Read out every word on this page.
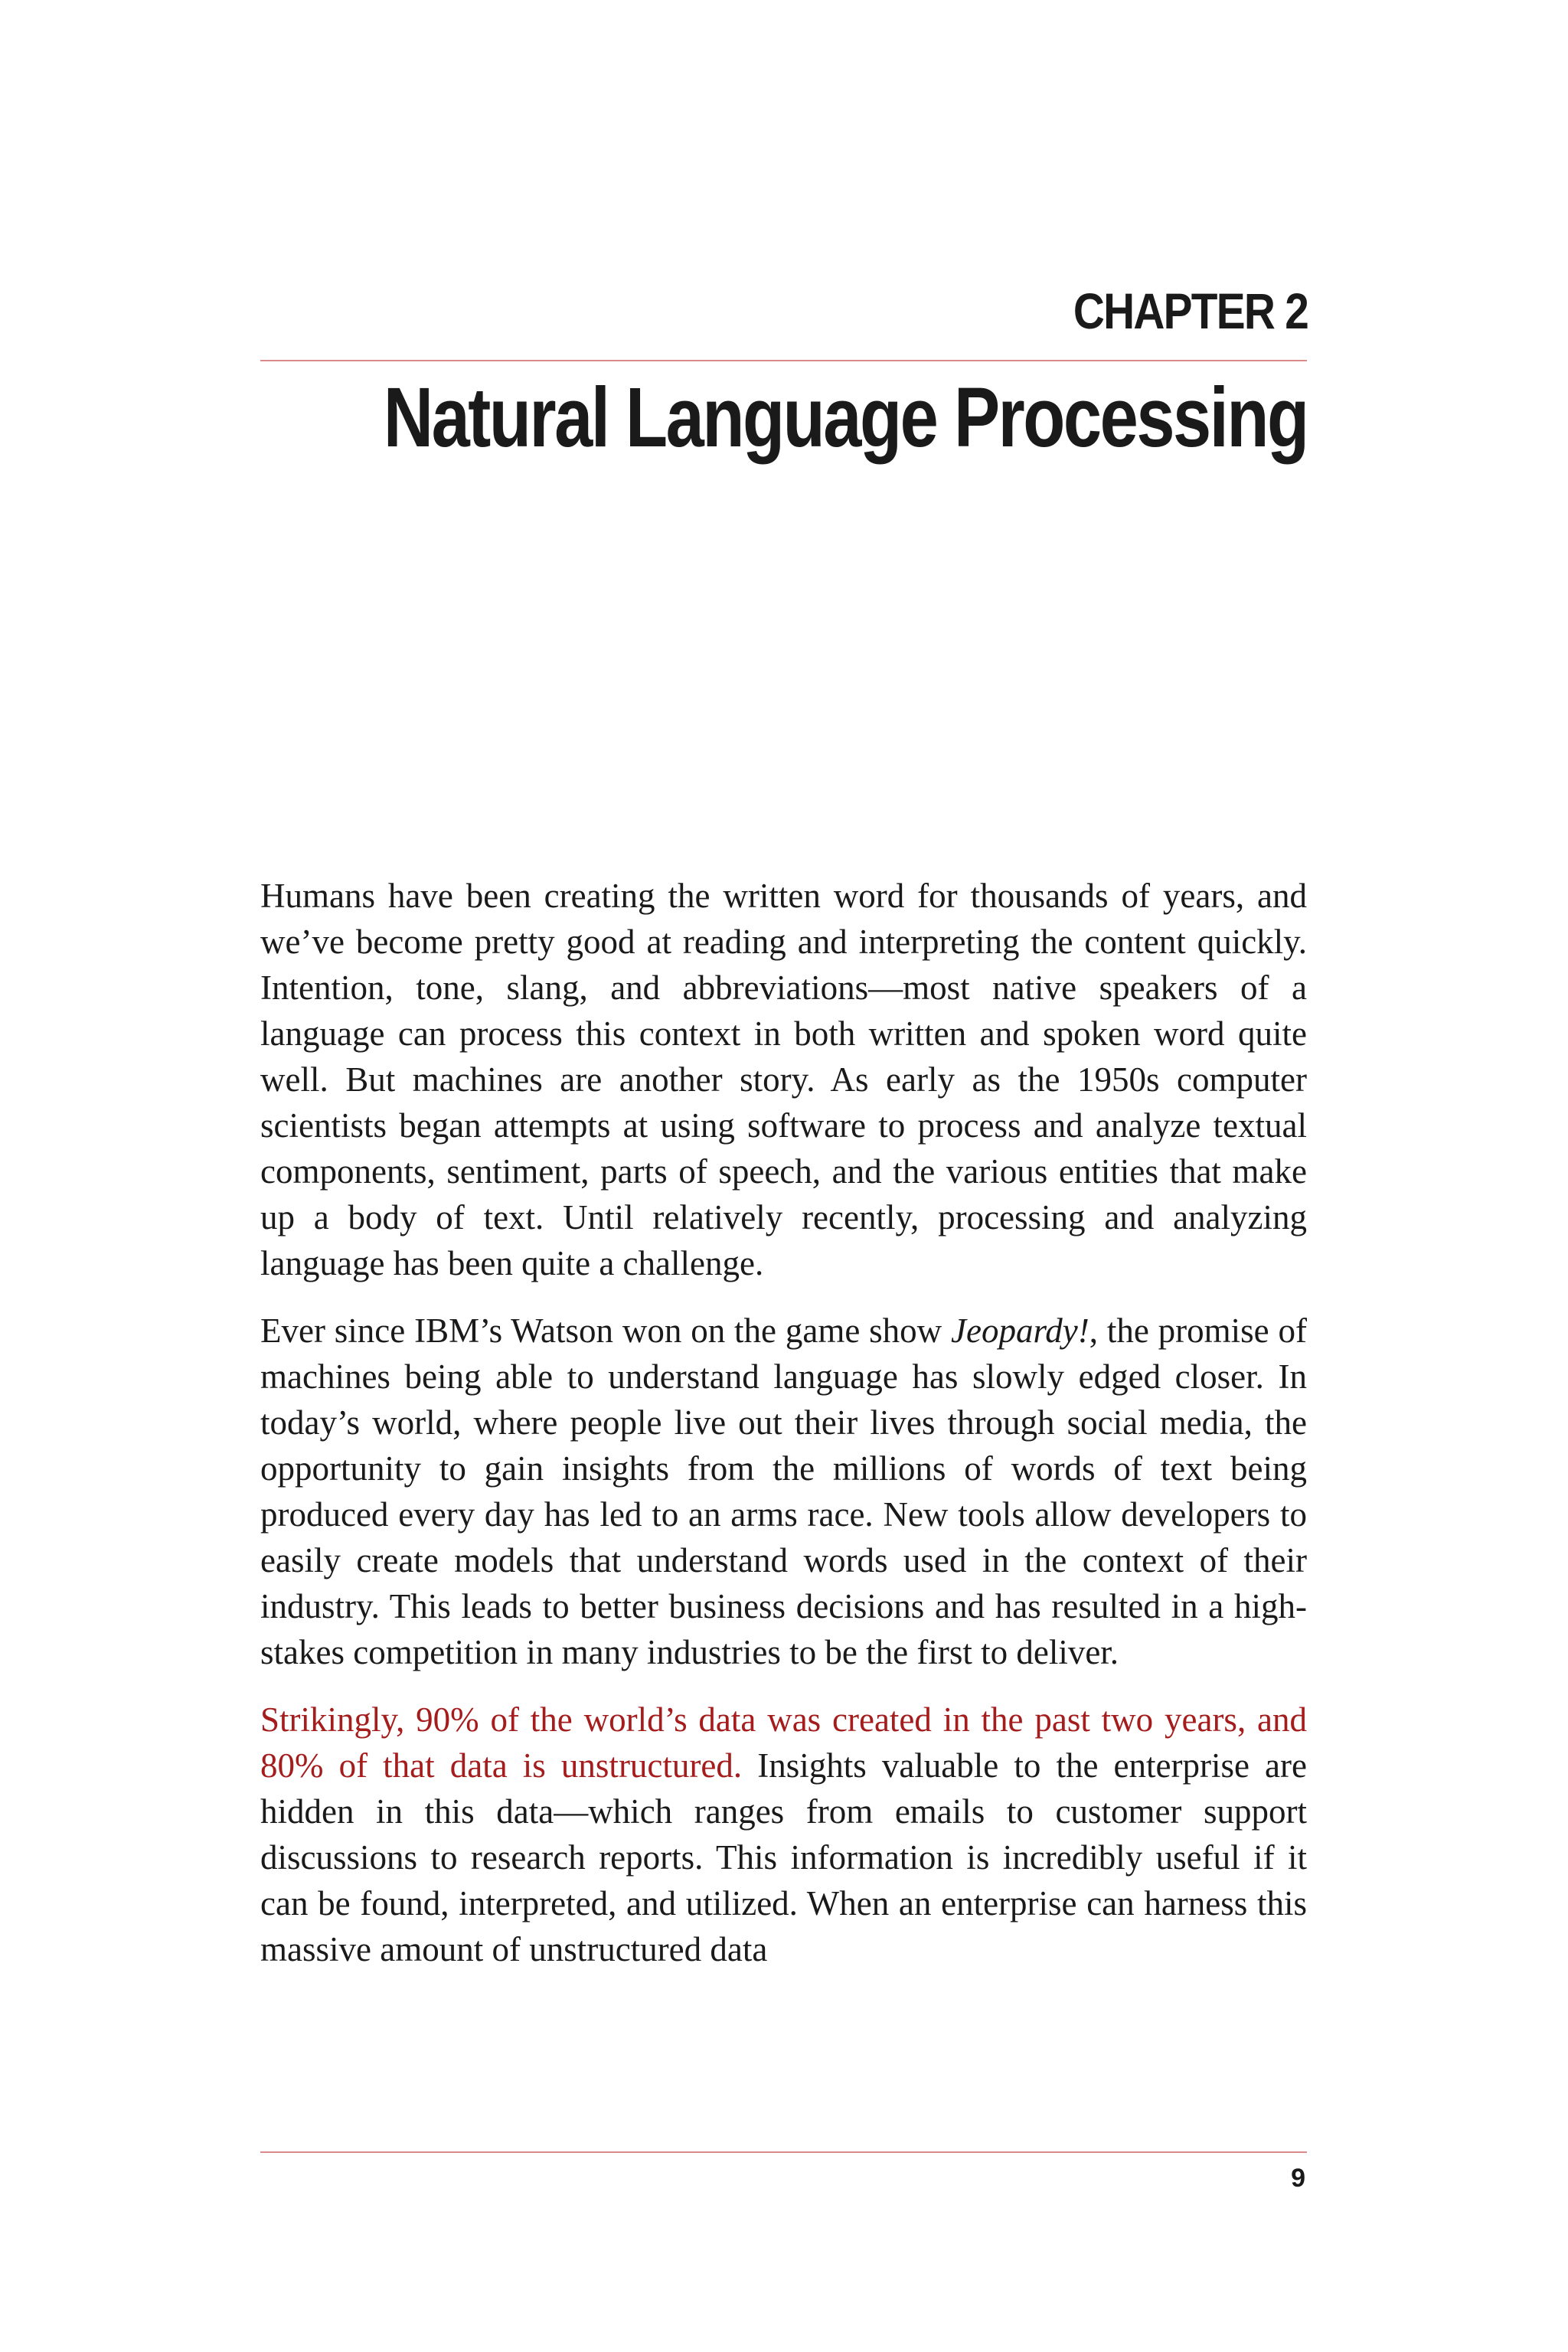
CHAPTER 2
Natural Language Processing

Humans have been creating the written word for thousands of years, and we’ve become pretty good at reading and interpreting the content quickly. Intention, tone, slang, and abbreviations—most native speakers of a language can process this context in both written and spoken word quite well. But machines are another story. As early as the 1950s computer scientists began attempts at using software to process and analyze textual components, sentiment, parts of speech, and the various entities that make up a body of text. Until relatively recently, processing and analyzing language has been quite a challenge.

Ever since IBM’s Watson won on the game show Jeopardy!, the promise of machines being able to understand language has slowly edged closer. In today’s world, where people live out their lives through social media, the opportunity to gain insights from the millions of words of text being produced every day has led to an arms race. New tools allow developers to easily create models that understand words used in the context of their industry. This leads to better business decisions and has resulted in a high-stakes competition in many industries to be the first to deliver.

Strikingly, 90% of the world’s data was created in the past two years, and 80% of that data is unstructured. Insights valuable to the enterprise are hidden in this data—which ranges from emails to customer support discussions to research reports. This information is incredibly useful if it can be found, interpreted, and utilized. When an enterprise can harness this massive amount of unstructured data

9
